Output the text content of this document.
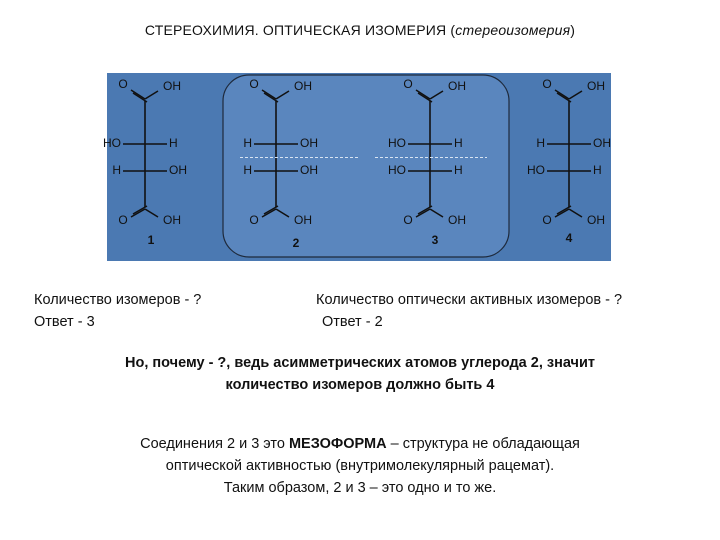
СТЕРЕОХИМИЯ. ОПТИЧЕСКАЯ ИЗОМЕРИЯ (стереоизомерия)
O	OH
HO	H
H	OH
O	OH
1
O	OH
H	OH
H	OH
O	OH
2
O	OH
HO	H
HO	H
O	OH
3
O	OH
H	OH
HO	H
O	OH
4
Количество изомеров - ?
Ответ - 3
Количество оптически активных изомеров - ?
Ответ - 2
Но, почему - ?, ведь асимметрических атомов углерода 2, значит
количество изомеров должно быть 4
Соединения 2 и 3 это МЕЗОФОРМА – структура не обладающая
оптической активностью (внутримолекулярный рацемат).
Таким образом, 2 и 3 – это одно и то же.
